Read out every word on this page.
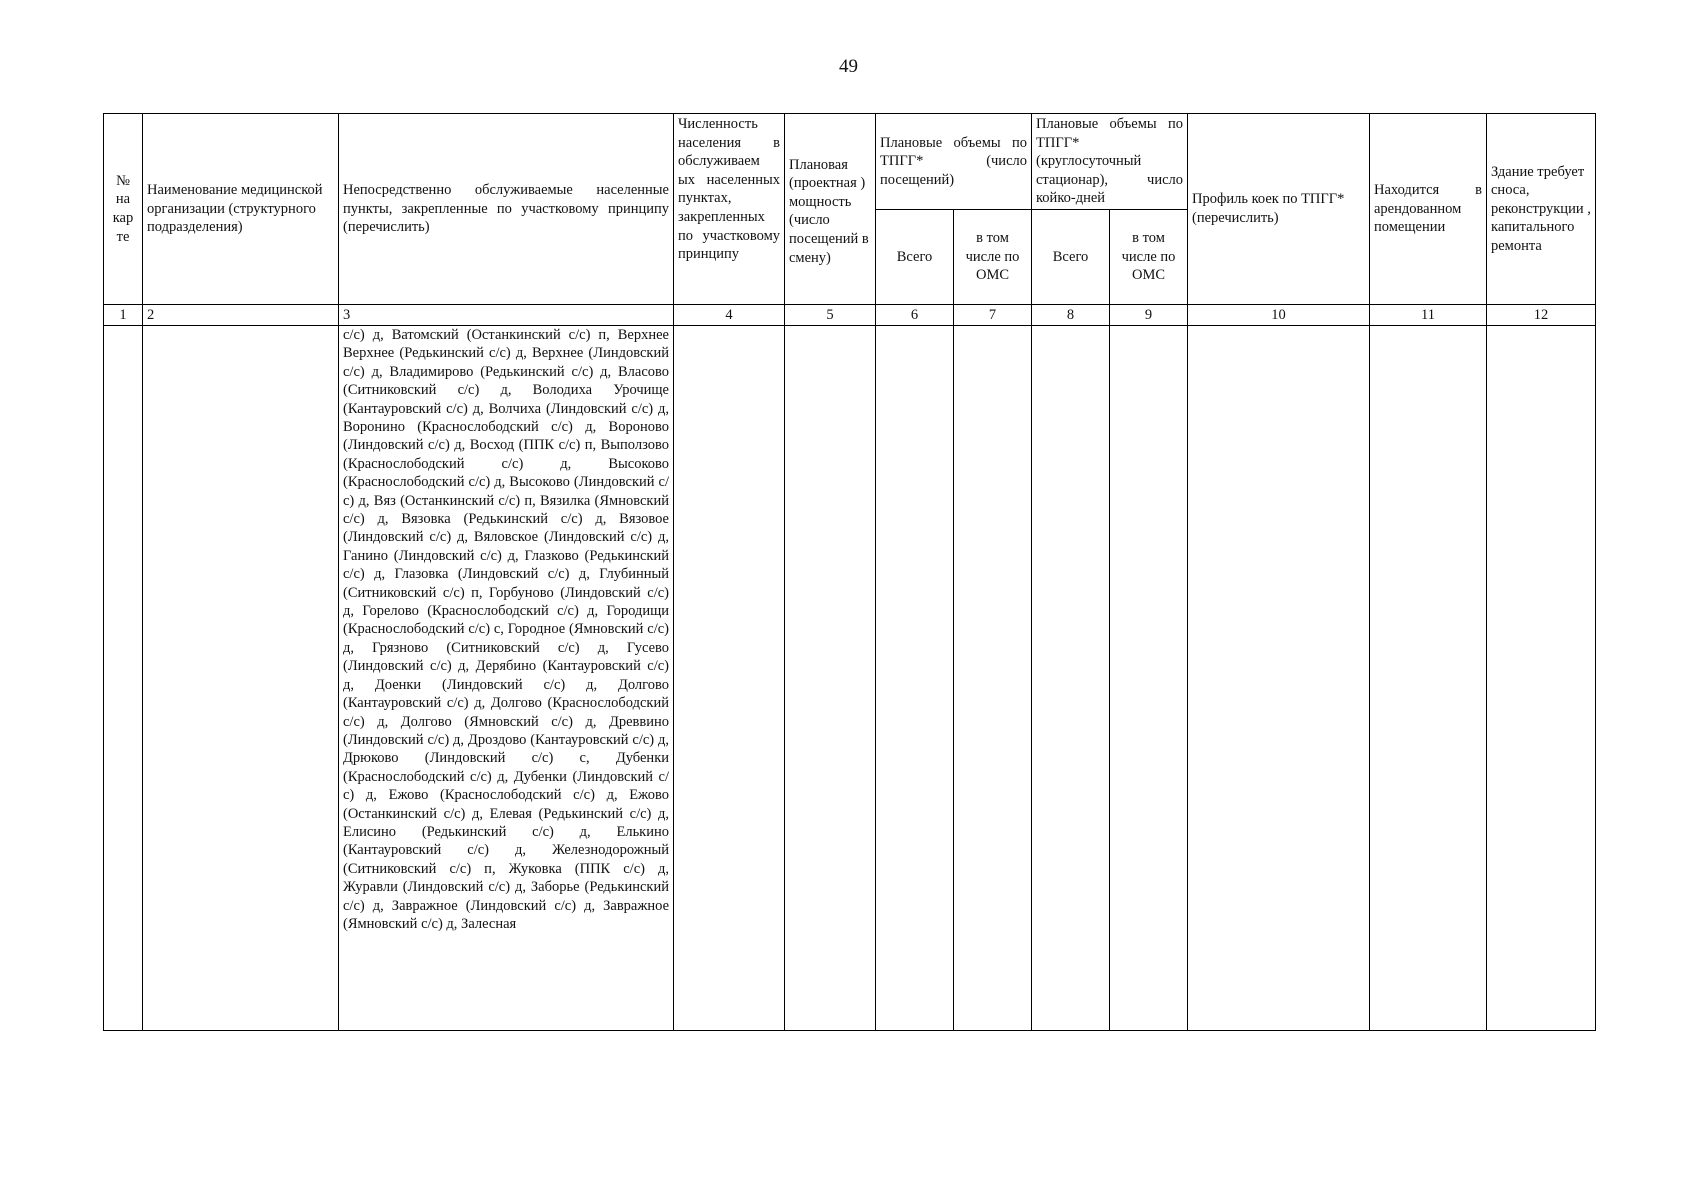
49
№ на кар те	Наименование медицинской организации (структурного подразделения)	Непосредственно обслуживаемые населенные пункты, закрепленные по участковому принципу (перечислить)	Численность населения в обслуживаем ых населенных пунктах, закрепленных по участковому принципу	Плановая (проектная ) мощность (число посещений в смену)	Плановые объемы по ТПГГ* (число посещений)		Плановые объемы по ТПГГ* (круглосуточный стационар), число койко-дней		Профиль коек по ТПГГ* (перечислить)	Находится в арендованном помещении	Здание требует сноса, реконструкции , капитального ремонта
					Всего	в том числе по ОМС	Всего	в том числе по ОМС			
1	2	3	4	5	6	7	8	9	10	11	12
		с/с) д, Ватомский (Останкинский с/с) п, Верхнее Верхнее (Редькинский с/с) д, Верхнее (Линдовский с/с) д, Владимирово (Редькинский с/с) д, Власово (Ситниковский с/с) д, Володиха Урочище (Кантауровский с/с) д, Волчиха (Линдовский с/с) д, Воронино (Краснослободский с/с) д, Вороново (Линдовский с/с) д, Восход (ППК с/с) п, Выползово (Краснослободский с/с) д, Высоково (Краснослободский с/с) д, Высоково (Линдовский с/с) д, Вяз (Останкинский с/с) п, Вязилка (Ямновский с/с) д, Вязовка (Редькинский с/с) д, Вязовое (Линдовский с/с) д, Вяловское (Линдовский с/с) д, Ганино (Линдовский с/с) д, Глазково (Редькинский с/с) д, Глазовка (Линдовский с/с) д, Глубинный (Ситниковский с/с) п, Горбуново (Линдовский с/с) д, Горелово (Краснослободский с/с) д, Городищи (Краснослободский с/с) с, Городное (Ямновский с/с) д, Грязново (Ситниковский с/с) д, Гусево (Линдовский с/с) д, Дерябино (Кантауровский с/с) д, Доенки (Линдовский с/с) д, Долгово (Кантауровский с/с) д, Долгово (Краснослободский с/с) д, Долгово (Ямновский с/с) д, Древвино (Линдовский с/с) д, Дроздово (Кантауровский с/с) д, Дрюково (Линдовский с/с) с, Дубенки (Краснослободский с/с) д, Дубенки (Линдовский с/с) д, Ежово (Краснослободский с/с) д, Ежово (Останкинский с/с) д, Елевая (Редькинский с/с) д, Елисино (Редькинский с/с) д, Елькино (Кантауровский с/с) д, Железнодорожный (Ситниковский с/с) п, Жуковка (ППК с/с) д, Журавли (Линдовский с/с) д, Заборье (Редькинский с/с) д, Завражное (Линдовский с/с) д, Завражное (Ямновский с/с) д, Залесная									
